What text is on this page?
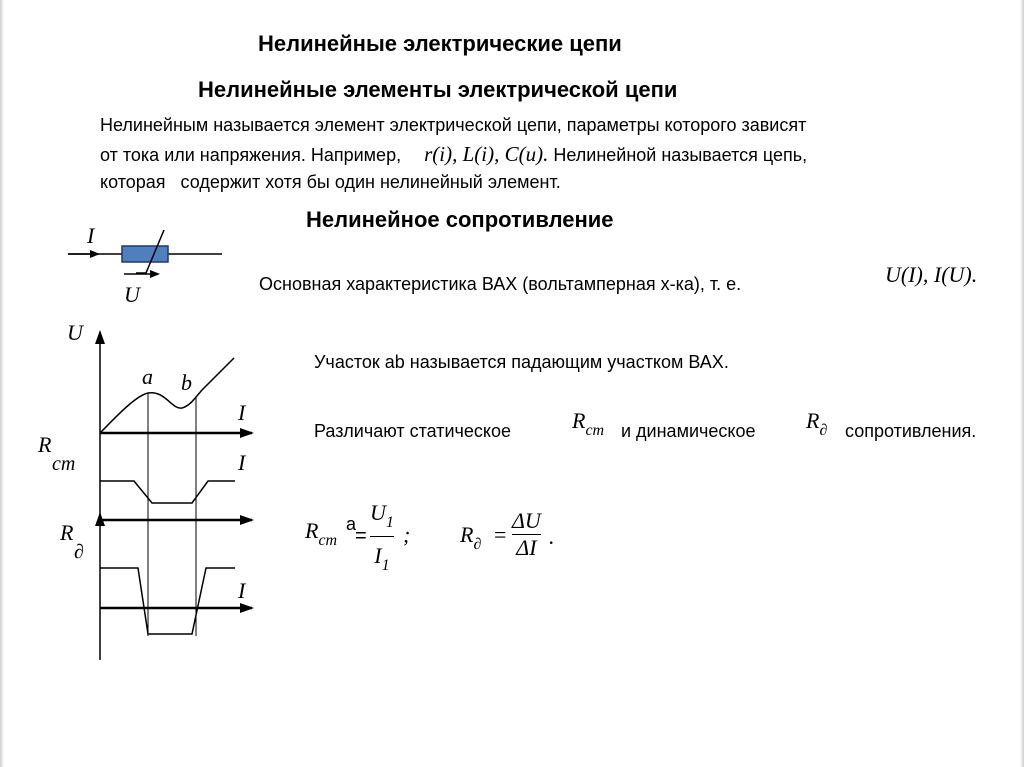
Нелинейные электрические цепи
Нелинейные элементы электрической цепи
Нелинейным называется элемент электрической цепи, параметры которого зависят
от тока или напряжения. Например, r(i), L(i), C(u). Нелинейной называется цепь,
которая   содержит хотя бы один нелинейный элемент.
Нелинейное сопротивление
I
U	Основная характеристика ВАХ (вольтамперная х-ка), т. е.	U(I), I(U).
U
I
I
I
a b
R
ст
R
∂
Участок ab называется падающим участком ВАХ.
Различают статическое	$R_{ст}$ и динамическое $R_\partial$ сопротивления.
$R_{ст}$
a
=
$U_1$
$I_1$
; $R_\partial$ =
ΔU
ΔI .
